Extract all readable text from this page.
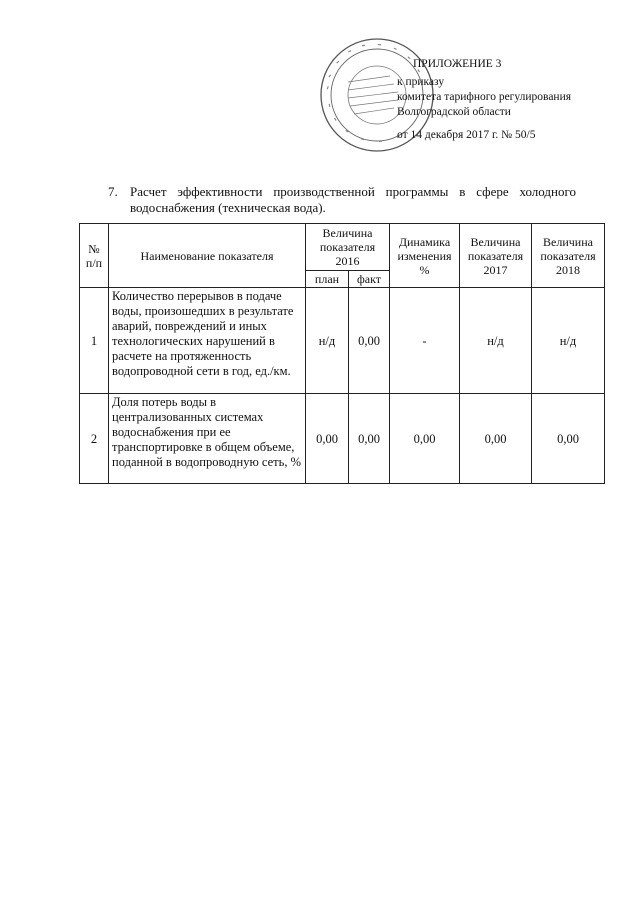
ПРИЛОЖЕНИЕ 3
к приказу
комитета тарифного регулирования
Волгоградской области
от 14 декабря 2017 г. № 50/5
7. Расчет эффективности производственной программы в сфере холодного
водоснабжения (техническая вода).
№ п/п	Наименование показателя	Величина показателя 2016		Динамика изменения %	Величина показателя 2017	Величина показателя 2018
		план	факт			
1	Количество перерывов в подаче воды, произошедших в результате аварий, повреждений и иных технологических нарушений в расчете на протяженность водопроводной сети в год, ед./км.	н/д	0,00	-	н/д	н/д
2	Доля потерь воды в централизованных системах водоснабжения при ее транспортировке в общем объеме, поданной в водопроводную сеть, %	0,00	0,00	0,00	0,00	0,00
